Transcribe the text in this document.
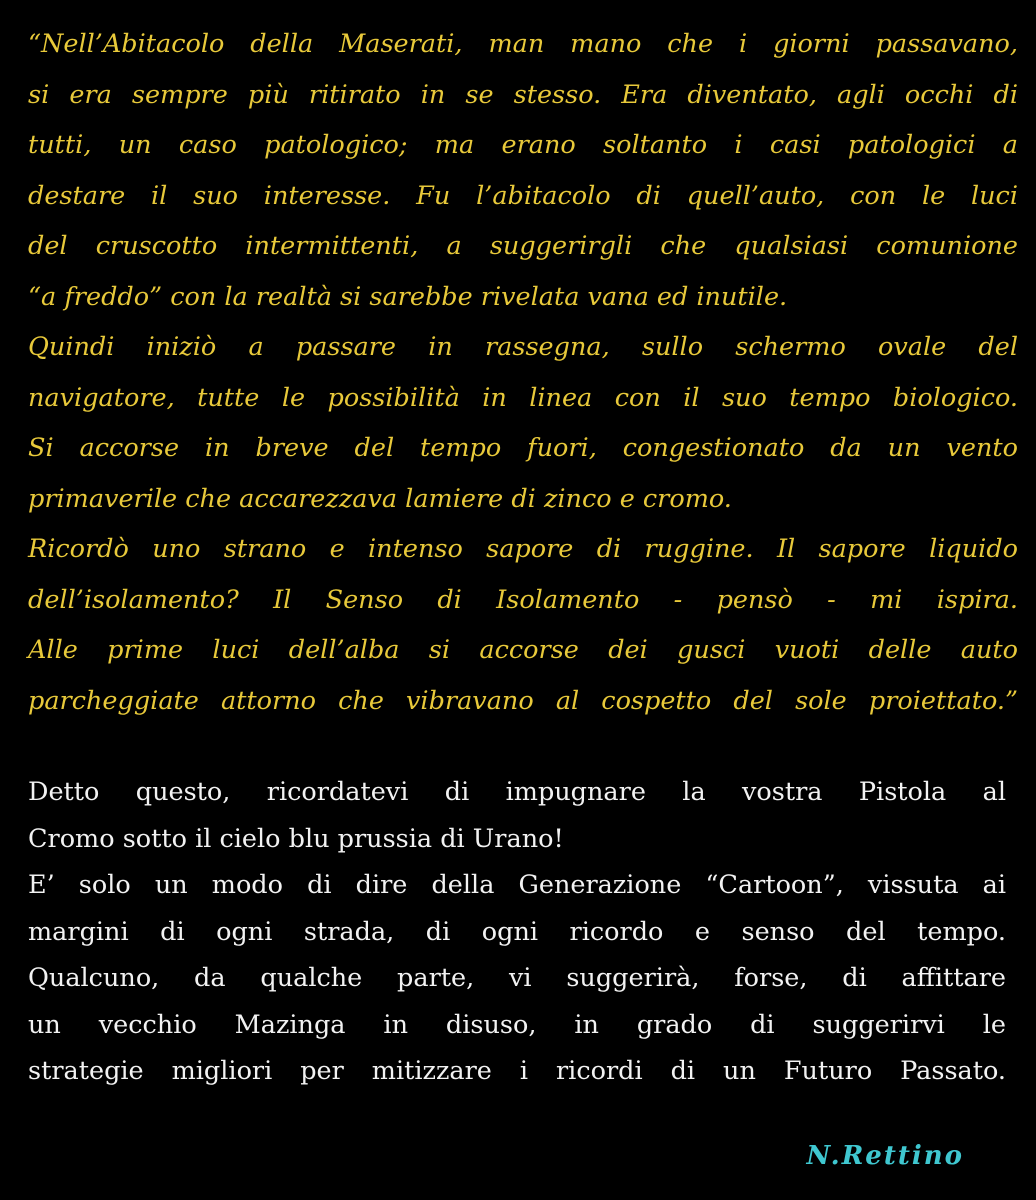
“Nell’Abitacolo della Maserati, man mano che i giorni passavano,
si era sempre più ritirato in se stesso. Era diventato, agli occhi di
tutti, un caso patologico; ma erano soltanto i casi patologici a
destare il suo interesse. Fu l’abitacolo di quell’auto, con le luci
del cruscotto intermittenti, a suggerirgli che qualsiasi comunione
“a freddo” con la realtà si sarebbe rivelata vana ed inutile.
Quindi iniziò a passare in rassegna, sullo schermo ovale del
navigatore, tutte le possibilità in linea con il suo tempo biologico.
Si accorse in breve del tempo fuori, congestionato da un vento
primaverile che accarezzava lamiere di zinco e cromo.
Ricordò uno strano e intenso sapore di ruggine. Il sapore liquido
dell’isolamento? Il Senso di Isolamento - pensò - mi ispira.
Alle prime luci dell’alba si accorse dei gusci vuoti delle auto
parcheggiate attorno che vibravano al cospetto del sole proiettato.”
Detto questo, ricordatevi di impugnare la vostra Pistola al
Cromo sotto il cielo blu prussia di Urano!
E’ solo un modo di dire della Generazione “Cartoon”, vissuta ai
margini di ogni strada, di ogni ricordo e senso del tempo.
Qualcuno, da qualche parte, vi suggerirà, forse, di affittare
un vecchio Mazinga in disuso, in grado di suggerirvi le
strategie migliori per mitizzare i ricordi di un Futuro Passato.
N.Rettino
